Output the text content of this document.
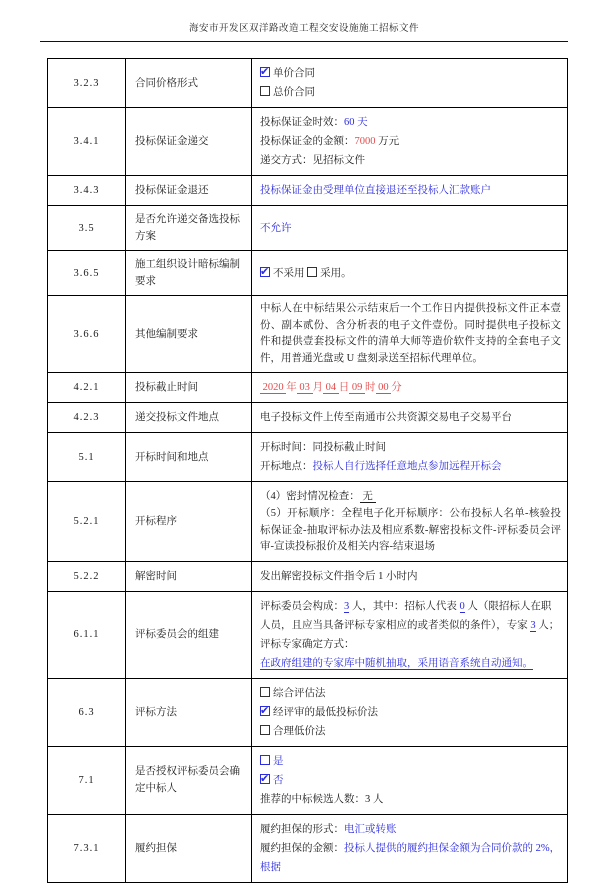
海安市开发区双洋路改造工程交安设施施工招标文件
3.2.3	合同价格形式	
✔单价合同
总价合同

3.4.1	投标保证金递交	投标保证金时效：60 天
投标保证金的金额：7000 万元
递交方式：见招标文件

3.4.3	投标保证金退还	投标保证金由受理单位直接退还至投标人汇款账户

3.5	是否允许递交备选投标方案	不允许

3.6.5	施工组织设计暗标编制要求	
✔不采用 采用。

3.6.6	其他编制要求	中标人在中标结果公示结束后一个工作日内提供投标文件正本壹份、副本贰份、含分析表的电子文件壹份。同时提供电子投标文件和提供壹套投标文件的清单大师等造价软件支持的全套电子文件，用普通光盘或 U 盘刻录送至招标代理单位。

4.2.1	投标截止时间	2020 年 03 月 04 日 09 时 00 分

4.2.3	递交投标文件地点	电子投标文件上传至南通市公共资源交易电子交易平台

5.1	开标时间和地点	开标时间：同投标截止时间
开标地点：投标人自行选择任意地点参加远程开标会

5.2.1	开标程序	（4）密封情况检查： 无
（5）开标顺序：全程电子化开标顺序：公布投标人名单-核验投标保证金-抽取评标办法及相应系数-解密投标文件-评标委员会评审-宣读投标报价及相关内容-结束退场

5.2.2	解密时间	发出解密投标文件指令后 1 小时内

6.1.1	评标委员会的组建	评标委员会构成：3 人，其中：招标人代表 0 人（限招标人在职人员，且应当具备评标专家相应的或者类似的条件），专家 3 人；
评标专家确定方式：在政府组建的专家库中随机抽取，采用语音系统自动通知。

6.3	评标方法	综合评估法
✔经评审的最低投标价法
合理低价法

7.1	是否授权评标委员会确定中标人	是
✔否
推荐的中标候选人数：3 人

7.3.1	履约担保	履约担保的形式：电汇或转账
履约担保的金额：投标人提供的履约担保金额为合同价款的 2%，根据
